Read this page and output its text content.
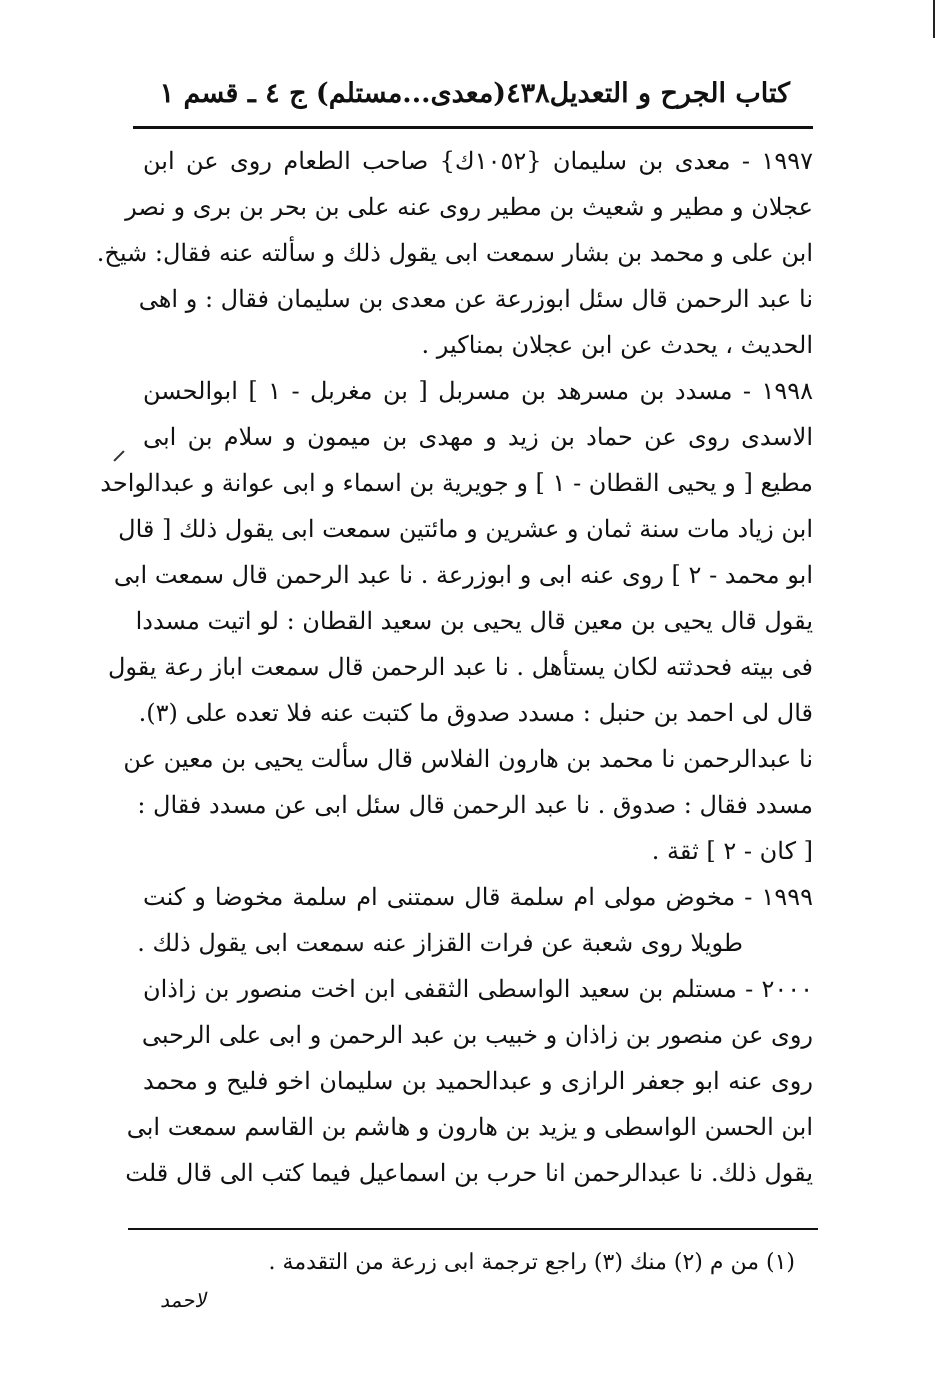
كتاب الجرح و التعديل
٤٣٨
(معدى...مستلم) ج ٤ ـ قسم ١
١٩٩٧ - معدى بن سليمان {١٠٥٢ك} صاحب الطعام روى عن ابن
عجلان و مطير و شعيث بن مطير روى عنه على بن بحر بن برى و نصر
ابن على و محمد بن بشار سمعت ابى يقول ذلك و سألته عنه فقال: شيخ.
نا عبد الرحمن قال سئل ابوزرعة عن معدى بن سليمان فقال : و اهى
الحديث ، يحدث عن ابن عجلان بمناكير .
١٩٩٨ - مسدد بن مسرهد بن مسربل [ بن مغربل - ١ ] ابوالحسن
الاسدى روى عن حماد بن زيد و مهدى بن ميمون و سلام بن ابى
مطيع [ و يحيى القطان - ١ ] و جويرية بن اسماء و ابى عوانة و عبدالواحد
ابن زياد مات سنة ثمان و عشرين و مائتين سمعت ابى يقول ذلك [ قال
ابو محمد - ٢ ] روى عنه ابى و ابوزرعة . نا عبد الرحمن قال سمعت ابى
يقول قال يحيى بن معين قال يحيى بن سعيد القطان : لو اتيت مسددا
فى بيته فحدثته لكان يستأهل . نا عبد الرحمن قال سمعت اباز رعة يقول
قال لى احمد بن حنبل : مسدد صدوق ما كتبت عنه فلا تعده على (٣).
نا عبدالرحمن نا محمد بن هارون الفلاس قال سألت يحيى بن معين عن
مسدد فقال : صدوق . نا عبد الرحمن قال سئل ابى عن مسدد فقال :
[ كان - ٢ ] ثقة .
١٩٩٩ - مخوض مولى ام سلمة قال سمتنى ام سلمة مخوضا و كنت
طويلا روى شعبة عن فرات القزاز عنه سمعت ابى يقول ذلك .
٢٠٠٠ - مستلم بن سعيد الواسطى الثقفى ابن اخت منصور بن زاذان
روى عن منصور بن زاذان و خبيب بن عبد الرحمن و ابى على الرحبى
روى عنه ابو جعفر الرازى و عبدالحميد بن سليمان اخو فليح و محمد
ابن الحسن الواسطى و يزيد بن هارون و هاشم بن القاسم سمعت ابى
يقول ذلك. نا عبدالرحمن انا حرب بن اسماعيل فيما كتب الى قال قلت
(١) من م (٢) منك (٣) راجع ترجمة ابى زرعة من التقدمة .
لاحمد
